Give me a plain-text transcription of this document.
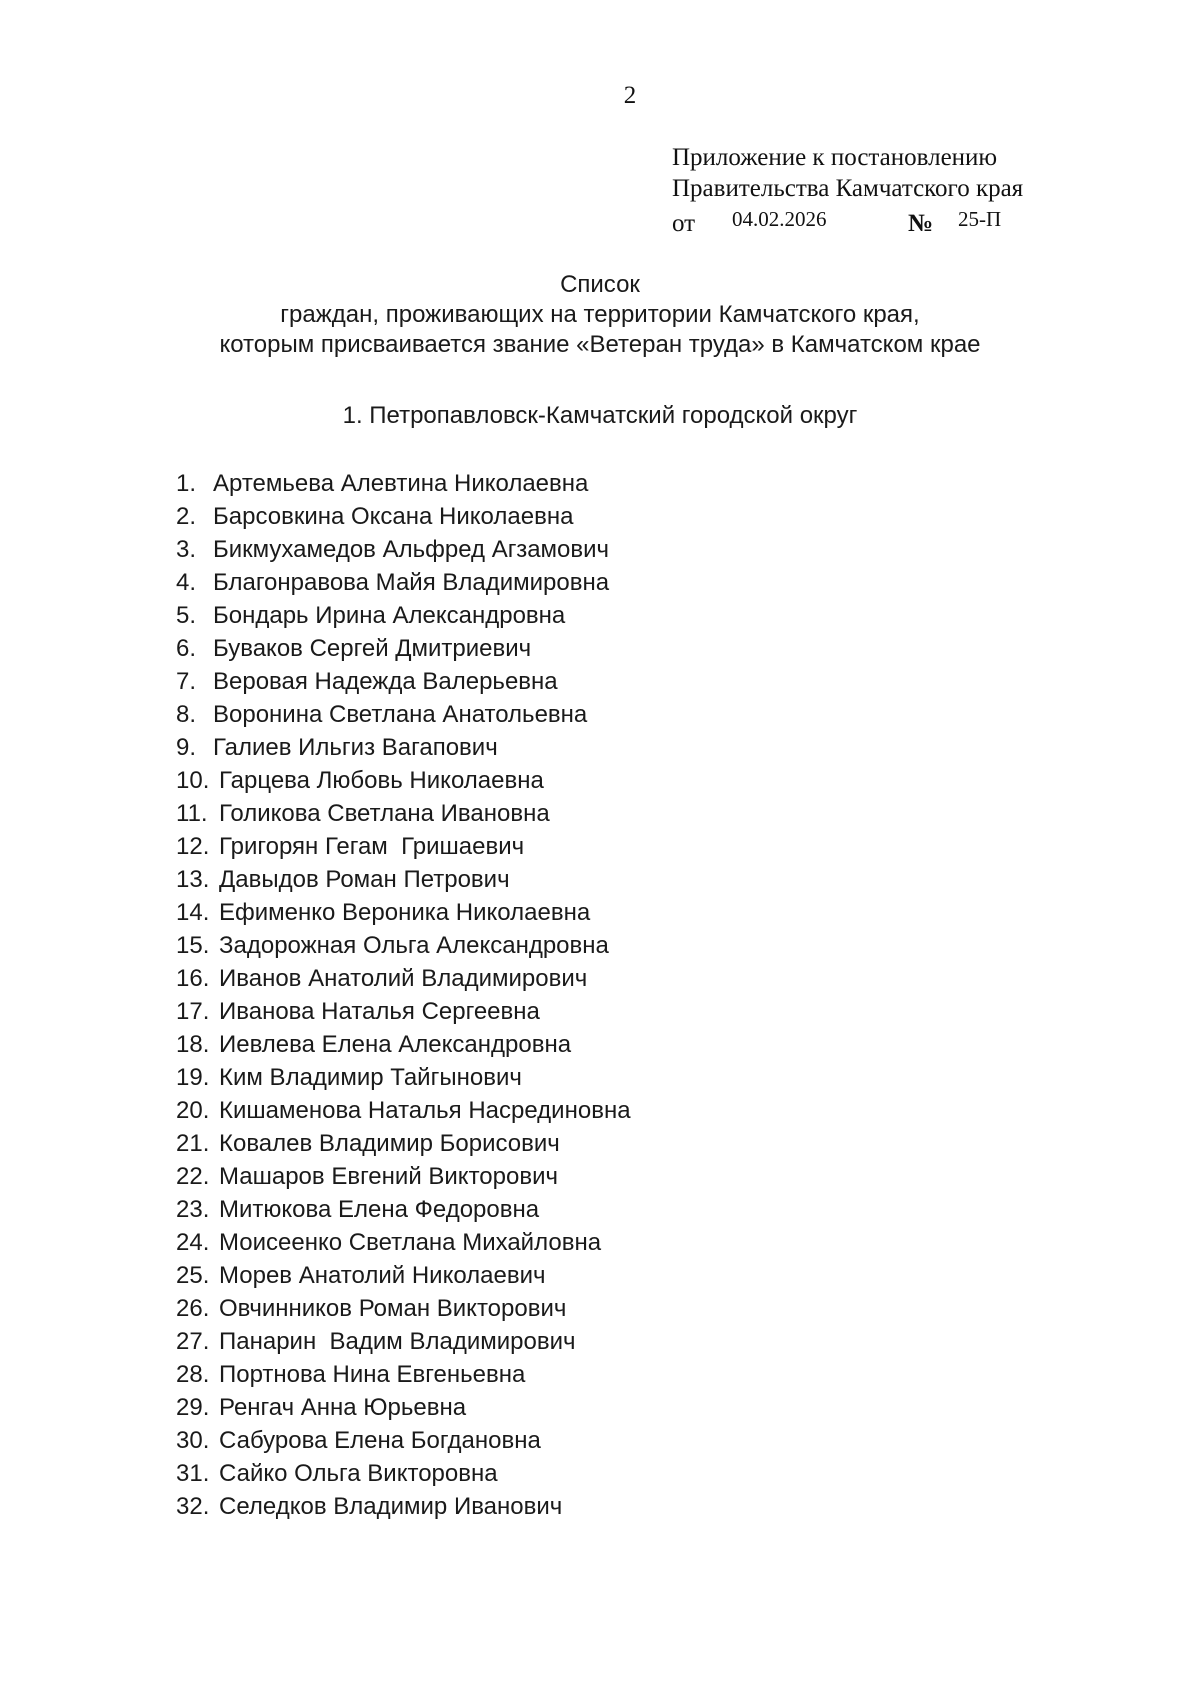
2
Приложение к постановлению
Правительства Камчатского края
от 04.02.2026	№ 25-П
Список
граждан, проживающих на территории Камчатского края,
которым присваивается звание «Ветеран труда» в Камчатском крае
1. Петропавловск-Камчатский городской округ
1. Артемьева Алевтина Николаевна
2. Барсовкина Оксана Николаевна
3. Бикмухамедов Альфред Агзамович
4. Благонравова Майя Владимировна
5. Бондарь Ирина Александровна
6. Буваков Сергей Дмитриевич
7. Веровая Надежда Валерьевна
8. Воронина Светлана Анатольевна
9. Галиев Ильгиз Вагапович
10. Гарцева Любовь Николаевна
11. Голикова Светлана Ивановна
12. Григорян Гегам  Гришаевич
13. Давыдов Роман Петрович
14. Ефименко Вероника Николаевна
15. Задорожная Ольга Александровна
16. Иванов Анатолий Владимирович
17. Иванова Наталья Сергеевна
18. Иевлева Елена Александровна
19. Ким Владимир Тайгынович
20. Кишаменова Наталья Насрединовна
21. Ковалев Владимир Борисович
22. Машаров Евгений Викторович
23. Митюкова Елена Федоровна
24. Моисеенко Светлана Михайловна
25. Морев Анатолий Николаевич
26. Овчинников Роман Викторович
27. Панарин  Вадим Владимирович
28. Портнова Нина Евгеньевна
29. Ренгач Анна Юрьевна
30. Сабурова Елена Богдановна
31. Сайко Ольга Викторовна
32. Селедков Владимир Иванович
